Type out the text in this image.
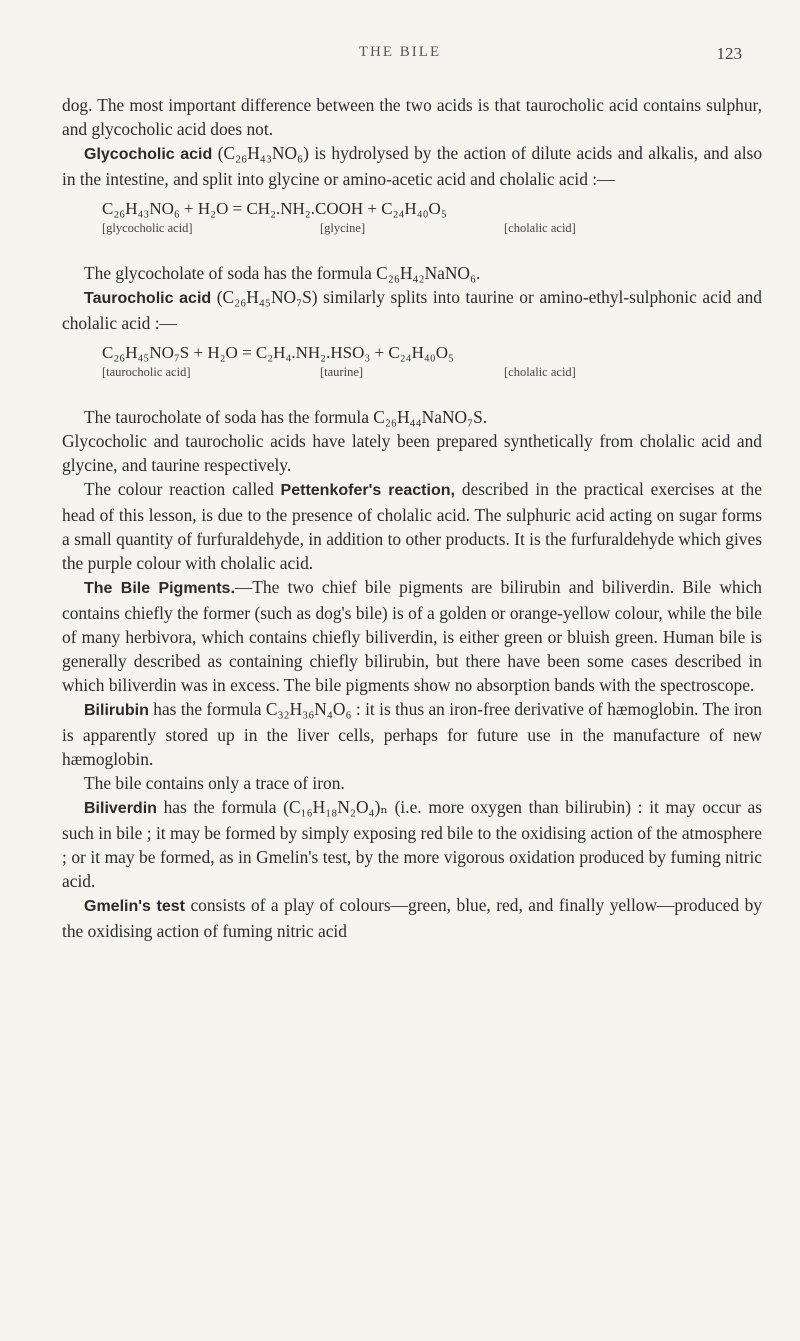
THE BILE	123

dog. The most important difference between the two acids is that taurocholic acid contains sulphur, and glycocholic acid does not.

Glycocholic acid (C₂₆H₄₃NO₆) is hydrolysed by the action of dilute acids and alkalis, and also in the intestine, and split into glycine or amino-acetic acid and cholalic acid :—

C₂₆H₄₃NO₆ + H₂O = CH₂.NH₂.COOH + C₂₄H₄₀O₅
[glycocholic acid]	[glycine]	[cholalic acid]

The glycocholate of soda has the formula C₂₆H₄₂NaNO₆.

Taurocholic acid (C₂₆H₄₅NO₇S) similarly splits into taurine or amino-ethyl-sulphonic acid and cholalic acid :—

C₂₆H₄₅NO₇S + H₂O = C₂H₄.NH₂.HSO₃ + C₂₄H₄₀O₅
[taurocholic acid]	[taurine]	[cholalic acid]

The taurocholate of soda has the formula C₂₆H₄₄NaNO₇S.

Glycocholic and taurocholic acids have lately been prepared synthetically from cholalic acid and glycine, and taurine respectively.

The colour reaction called Pettenkofer's reaction, described in the practical exercises at the head of this lesson, is due to the presence of cholalic acid. The sulphuric acid acting on sugar forms a small quantity of furfuraldehyde, in addition to other products. It is the furfuraldehyde which gives the purple colour with cholalic acid.

The Bile Pigments.—The two chief bile pigments are bilirubin and biliverdin. Bile which contains chiefly the former (such as dog's bile) is of a golden or orange-yellow colour, while the bile of many herbivora, which contains chiefly biliverdin, is either green or bluish green. Human bile is generally described as containing chiefly bilirubin, but there have been some cases described in which biliverdin was in excess. The bile pigments show no absorption bands with the spectroscope.

Bilirubin has the formula C₃₂H₃₆N₄O₆ : it is thus an iron-free derivative of hæmoglobin. The iron is apparently stored up in the liver cells, perhaps for future use in the manufacture of new hæmoglobin.

The bile contains only a trace of iron.

Biliverdin has the formula (C₁₆H₁₈N₂O₄)ₙ (i.e. more oxygen than bilirubin) : it may occur as such in bile ; it may be formed by simply exposing red bile to the oxidising action of the atmosphere ; or it may be formed, as in Gmelin's test, by the more vigorous oxidation produced by fuming nitric acid.

Gmelin's test consists of a play of colours—green, blue, red, and finally yellow—produced by the oxidising action of fuming nitric acid
